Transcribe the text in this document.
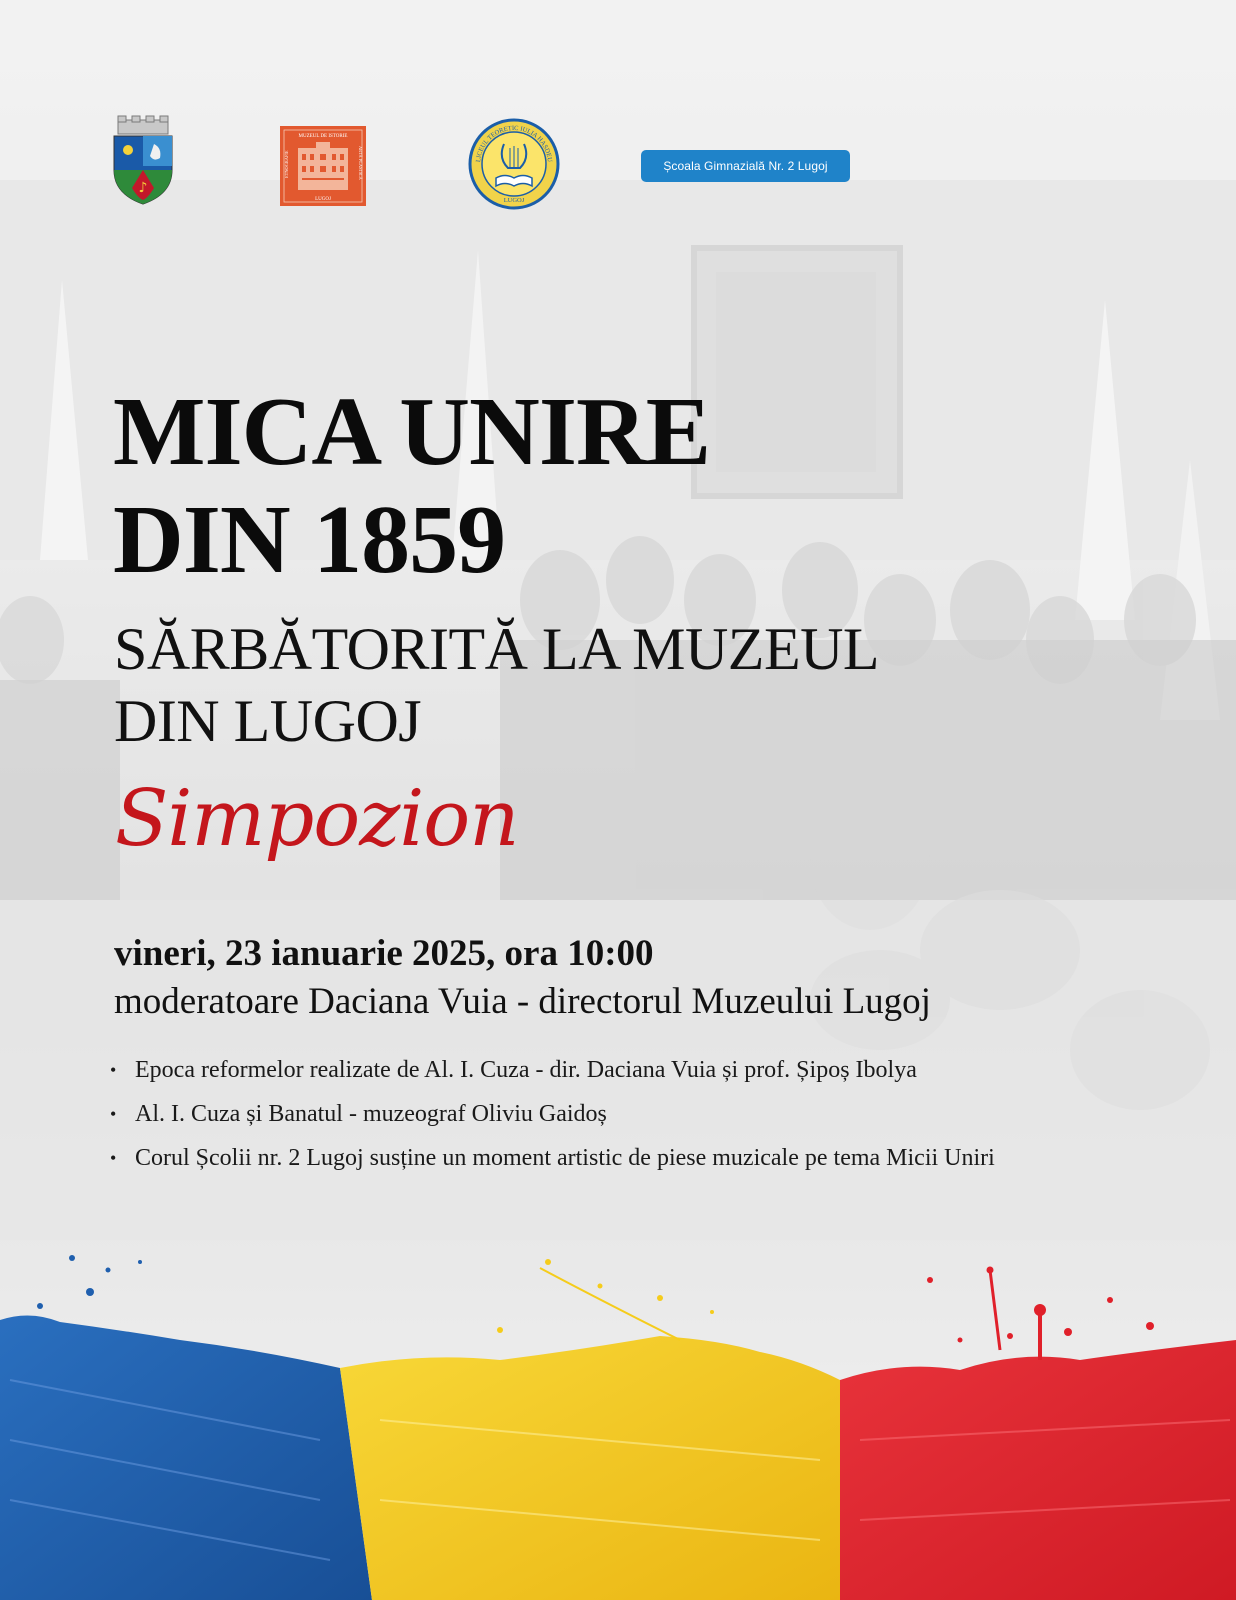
♪
MUZEUL DE ISTORIE
ETNOGRAFIE	ARTĂ PLASTICĂ
LUGOJ
LICEUL TEORETIC IULIA HASDEU
LUGOJ
Școala Gimnazială Nr. 2 Lugoj
MICA UNIRE
DIN 1859
SĂRBĂTORITĂ LA MUZEUL
DIN LUGOJ
Simpozion
vineri, 23 ianuarie 2025, ora 10:00
moderatoare Daciana Vuia - directorul Muzeului Lugoj
• Epoca reformelor realizate de Al. I. Cuza - dir. Daciana Vuia și prof. Șipoș Ibolya
• Al. I. Cuza și Banatul - muzeograf Oliviu Gaidoș
• Corul Școlii nr. 2 Lugoj susține un moment artistic de piese muzicale pe tema Micii Uniri
